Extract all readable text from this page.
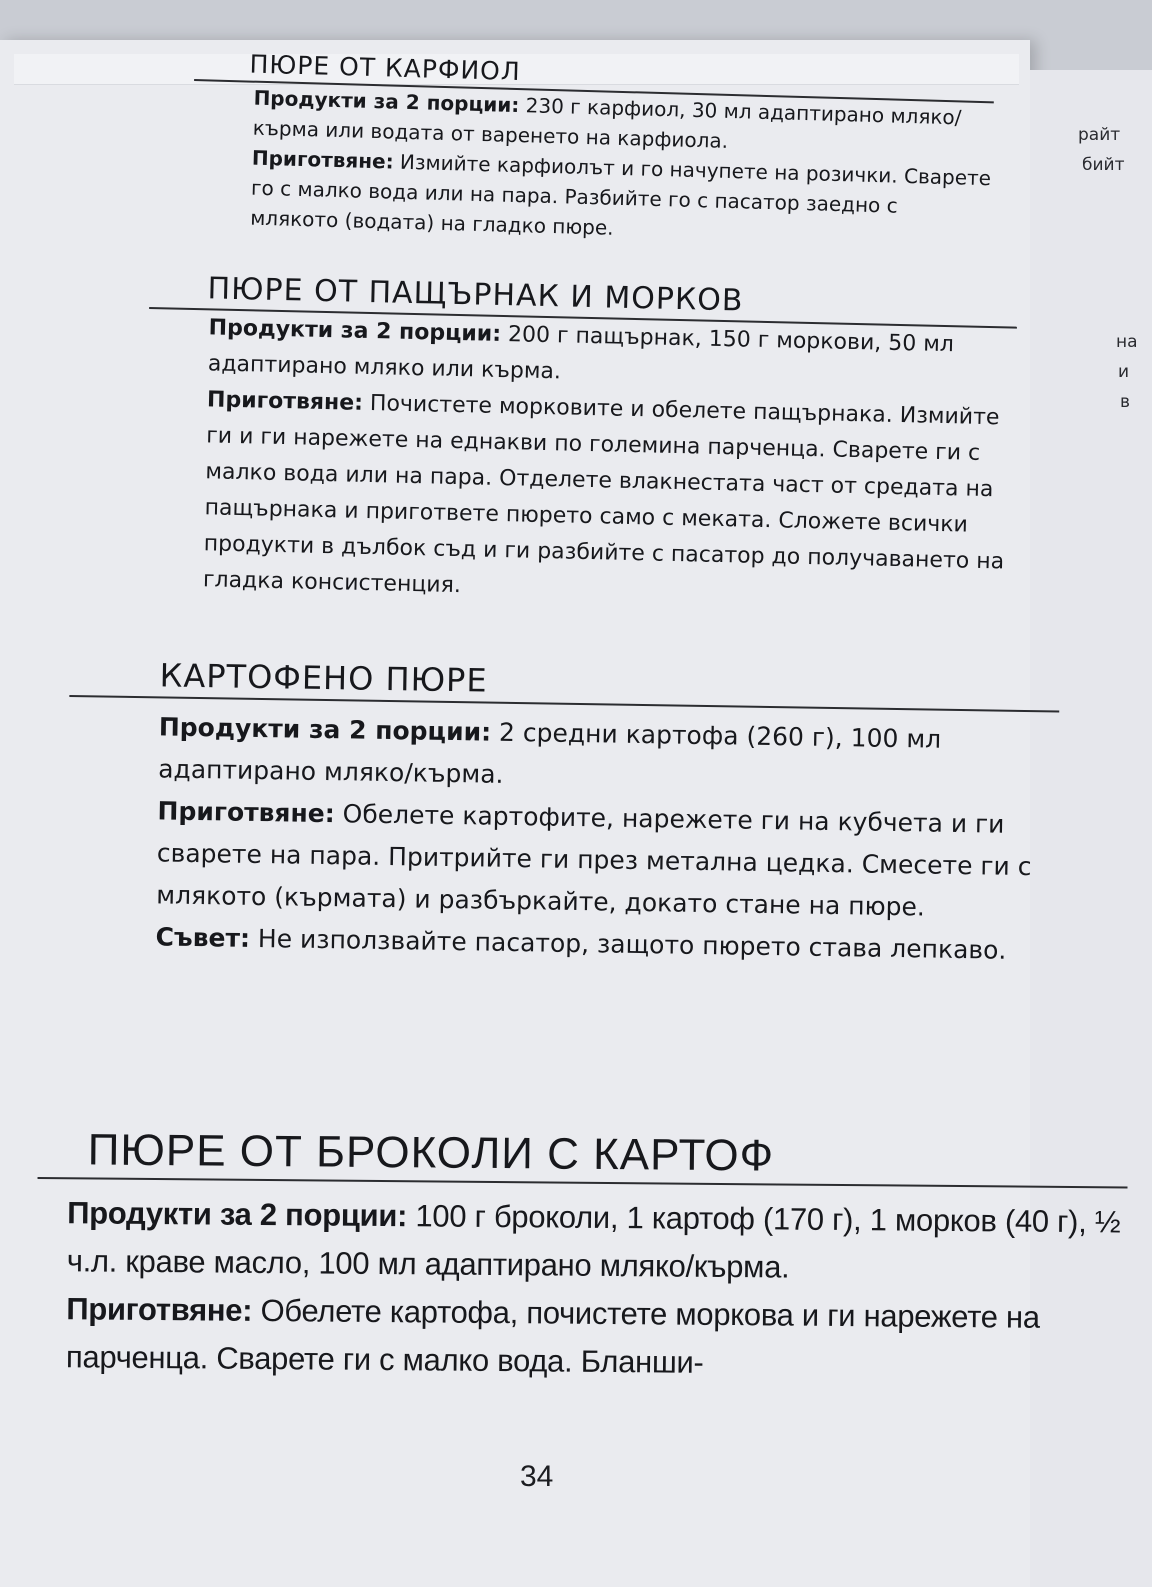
райт
бийт
на
и
в
ПЮРЕ ОТ КАРФИОЛ

Продукти за 2 порции: 230 г карфиол, 30 мл адаптирано мляко/кърма или водата от варенето на карфиола.

Приготвяне: Измийте карфиолът и го начупете на розички. Сварете го с малко вода или на пара. Разбийте го с пасатор заедно с млякото (водата) на гладко пюре.

ПЮРЕ ОТ ПАЩЪРНАК И МОРКОВ

Продукти за 2 порции: 200 г пащърнак, 150 г моркови, 50 мл адаптирано мляко или кърма.

Приготвяне: Почистете морковите и обелете пащърнака. Измийте ги и ги нарежете на еднакви по големина парченца. Сварете ги с малко вода или на пара. Отделете влакнестата част от средата на пащърнака и пригответе пюрето само с меката. Сложете всички продукти в дълбок съд и ги разбийте с пасатор до получаването на гладка консистенция.

КАРТОФЕНО ПЮРЕ

Продукти за 2 порции: 2 средни картофа (260 г), 100 мл адаптирано мляко/кърма.

Приготвяне: Обелете картофите, нарежете ги на кубчета и ги сварете на пара. Притрийте ги през метална цедка. Смесете ги с млякото (кърмата) и разбъркайте, докато стане на пюре.

Съвет: Не използвайте пасатор, защото пюрето става лепкаво.

ПЮРЕ ОТ БРОКОЛИ С КАРТОФ

Продукти за 2 порции: 100 г броколи, 1 картоф (170 г), 1 морков (40 г), ½ ч.л. краве масло, 100 мл адаптирано мляко/кърма.

Приготвяне: Обелете картофа, почистете моркова и ги нарежете на парченца. Сварете ги с малко вода. Бланши-

34
